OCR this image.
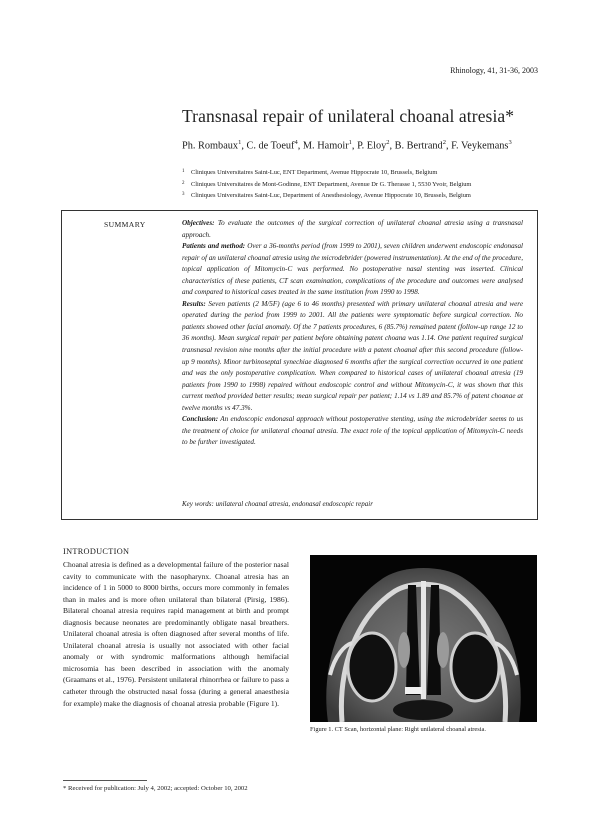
Rhinology, 41, 31-36, 2003
Transnasal repair of unilateral choanal atresia*
Ph. Rombaux$^1$, C. de Toeuf$^4$, M. Hamoir$^1$, P. Eloy$^2$, B. Bertrand$^2$, F. Veykemans$^3$
1	Cliniques Universitaires Saint-Luc, ENT Department, Avenue Hippocrate 10, Brussels, Belgium
2	Cliniques Universitaires de Mont-Godinne, ENT Department, Avenue Dr G. Therasse 1, 5530 Yvoir, Belgium
3	Cliniques Universitaires Saint-Luc, Department of Anesthesiology, Avenue Hippocrate 10, Brussels, Belgium
SUMMARY	Objectives: To evaluate the outcomes of the surgical correction of unilateral choanal atresia using a transnasal approach.

Patients and method: Over a 36-months period (from 1999 to 2001), seven children underwent endoscopic endonasal repair of an unilateral choanal atresia using the microdebrider (powered instrumentation). At the end of the procedure, topical application of Mitomycin-C was performed. No postoperative nasal stenting was inserted. Clinical characteristics of these patients, CT scan examination, complications of the procedure and outcomes were analysed and compared to historical cases treated in the same institution from 1990 to 1998.

Results: Seven patients (2 M/5F) (age 6 to 46 months) presented with primary unilateral choanal atresia and were operated during the period from 1999 to 2001. All the patients were symptomatic before surgical correction. No patients showed other facial anomaly. Of the 7 patients procedures, 6 (85.7%) remained patent (follow-up range 12 to 36 months). Mean surgical repair per patient before obtaining patent choana was 1.14. One patient required surgical transnasal revision nine months after the initial procedure with a patent choanal after this second procedure (follow-up 9 months). Minor turbinoseptal synechiae diagnosed 6 months after the surgical correction occurred in one patient and was the only postoperative complication. When compared to historical cases of unilateral choanal atresia (19 patients from 1990 to 1998) repaired without endoscopic control and without Mitomycin-C, it was shown that this current method provided better results; mean surgical repair per patient; 1.14 vs 1.89 and 85.7% of patent choanae at twelve months vs 47.3%.

Conclusion: An endoscopic endonasal approach without postoperative stenting, using the microdebrider seems to us the treatment of choice for unilateral choanal atresia. The exact role of the topical application of Mitomycin-C needs to be further investigated.

Key words: unilateral choanal atresia, endonasal endoscopic repair
INTRODUCTION

Choanal atresia is defined as a developmental failure of the posterior nasal cavity to communicate with the nasopharynx. Choanal atresia has an incidence of 1 in 5000 to 8000 births, occurs more commonly in females than in males and is more often unilateral than bilateral (Pirsig, 1986). Bilateral choanal atresia requires rapid management at birth and prompt diagnosis because neonates are predominantly obligate nasal breathers. Unilateral choanal atresia is often diagnosed after several months of life. Unilateral choanal atresia is usually not associated with other facial anomaly or with syndromic malformations although hemifacial microsomia has been described in association with the anomaly (Graamans et al., 1976). Persistent unilateral rhinorrhea or failure to pass a catheter through the obstructed nasal fossa (during a general anaesthesia for example) make the diagnosis of choanal atresia probable (Figure 1).

Figure 1. CT Scan, horizontal plane: Right unilateral choanal atresia.
* Received for publication: July 4, 2002; accepted: October 10, 2002
